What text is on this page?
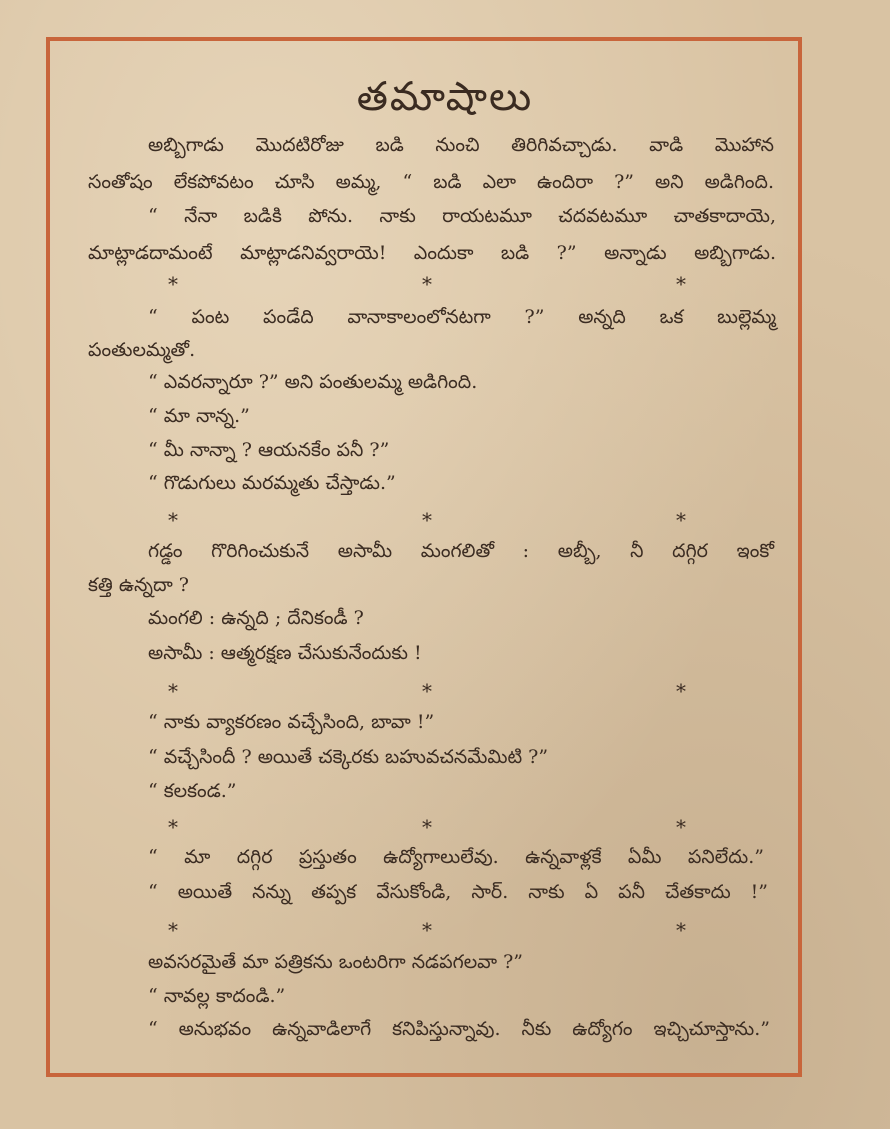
తమాషాలు
అబ్బిగాడు మొదటిరోజు బడి నుంచి తిరిగివచ్చాడు. వాడి మొహాన
సంతోషం లేకపోవటం చూసి అమ్మ, “ బడి ఎలా ఉందిరా ?” అని అడిగింది.
“ నేనా బడికి పోను. నాకు రాయటమూ చదవటమూ చాతకాదాయె,
మాట్లాడదామంటే మాట్లాడనివ్వరాయె! ఎందుకా బడి ?” అన్నాడు అబ్బిగాడు.
*	*	*
“ పంట పండేది వానాకాలంలోనటగా ?” అన్నది ఒక బుల్లెమ్మ
పంతులమ్మతో.
“ ఎవరన్నారూ ?” అని పంతులమ్మ అడిగింది.
“ మా నాన్న.”
“ మీ నాన్నా ? ఆయనకేం పనీ ?”
“ గొడుగులు మరమ్మతు చేస్తాడు.”
*	*	*
గడ్డం గొరిగించుకునే అసామీ మంగలితో : అబ్బీ, నీ దగ్గిర ఇంకో
కత్తి ఉన్నదా ?
మంగలి : ఉన్నది ; దేనికండీ ?
అసామీ : ఆత్మరక్షణ చేసుకునేందుకు !
*	*	*
“ నాకు వ్యాకరణం వచ్చేసింది, బావా !”
“ వచ్చేసిందీ ? అయితే చక్కెరకు బహువచనమేమిటి ?”
“ కలకండ.”
*	*	*
“ మా దగ్గిర ప్రస్తుతం ఉద్యోగాలులేవు. ఉన్నవాళ్లకే ఏమీ పనిలేదు.”
“ అయితే నన్ను తప్పక వేసుకోండి, సార్. నాకు ఏ పనీ చేతకాదు !”
*	*	*
అవసరమైతే మా పత్రికను ఒంటరిగా నడపగలవా ?”
“ నావల్ల కాదండి.”
“ అనుభవం ఉన్నవాడిలాగే కనిపిస్తున్నావు. నీకు ఉద్యోగం ఇచ్చిచూస్తాను.”
